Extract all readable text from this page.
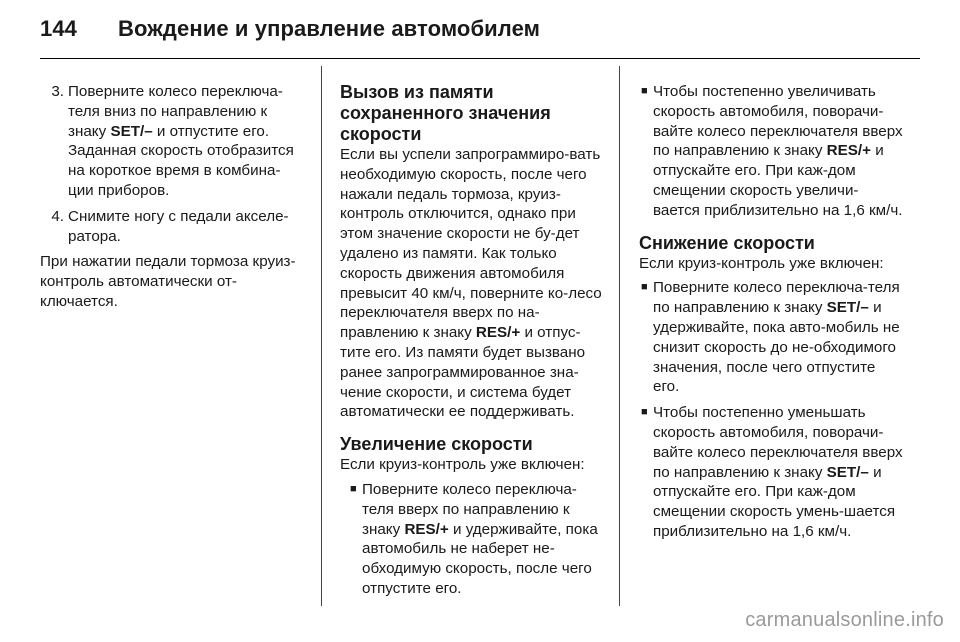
144	Вождение и управление автомобилем
3. Поверните колесо переключа-теля вниз по направлению к знаку SET/– и отпустите его. Заданная скорость отобразится на короткое время в комбина-ции приборов.
4. Снимите ногу с педали акселе-ратора.

При нажатии педали тормоза круиз-контроль автоматически от-ключается.

Вызов из памяти сохраненного значения скорости

Если вы успели запрограммиро-вать необходимую скорость, после чего нажали педаль тормоза, круиз-контроль отключится, однако при этом значение скорости не бу-дет удалено из памяти. Как только скорость движения автомобиля превысит 40 км/ч, поверните ко-лесо переключателя вверх по на-правлению к знаку RES/+ и отпус-тите его. Из памяти будет вызвано ранее запрограммированное зна-чение скорости, и система будет автоматически ее поддерживать.

Увеличение скорости
Если круиз-контроль уже включен:
■ Поверните колесо переключа-теля вверх по направлению к знаку RES/+ и удерживайте, пока автомобиль не наберет не-обходимую скорость, после чего отпустите его.
■ Чтобы постепенно увеличивать скорость автомобиля, поворачи-вайте колесо переключателя вверх по направлению к знаку RES/+ и отпускайте его. При каж-дом смещении скорость увеличи-вается приблизительно на 1,6 км/ч.
Снижение скорости
Если круиз-контроль уже включен:
■ Поверните колесо переключа-теля по направлению к знаку SET/– и удерживайте, пока авто-мобиль не снизит скорость до не-обходимого значения, после чего отпустите его.
■ Чтобы постепенно уменьшать скорость автомобиля, поворачи-вайте колесо переключателя вверх по направлению к знаку SET/– и отпускайте его. При каж-дом смещении скорость умень-шается приблизительно на 1,6 км/ч.
carmanualsonline.info
